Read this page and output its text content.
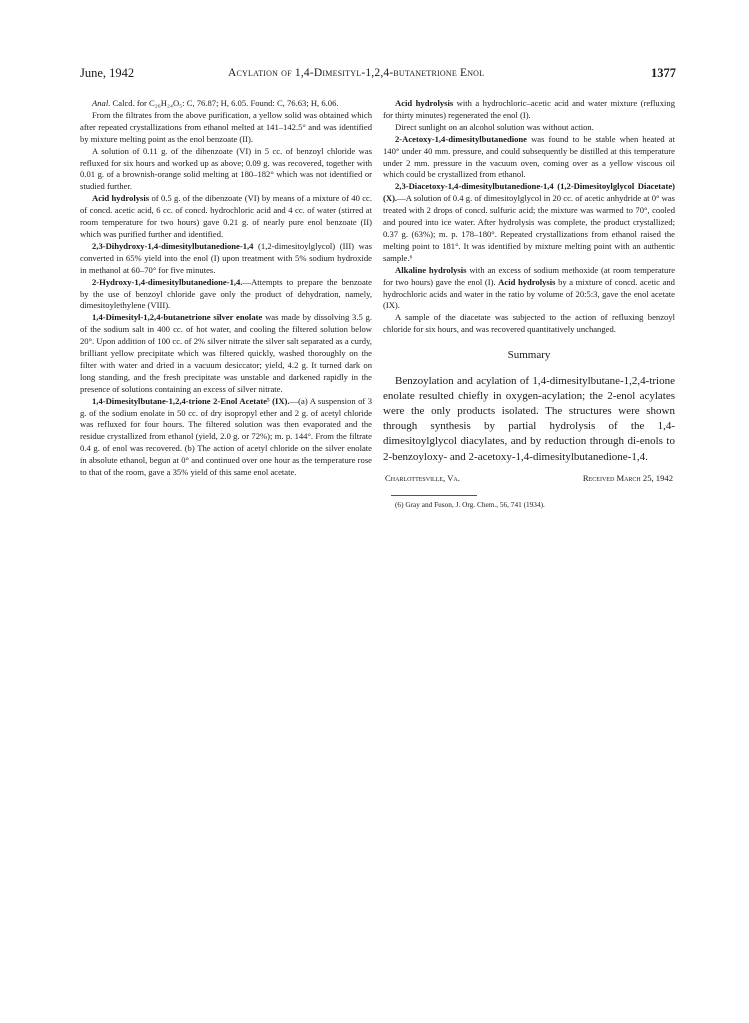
June, 1942	Acylation of 1,4-Dimesityl-1,2,4-butanetrione Enol	1377

Anal. Calcd. for C₂₆H₂₄O₅: C, 76.87; H, 6.05. Found: C, 76.63; H, 6.06.

From the filtrates from the above purification, a yellow solid was obtained which after repeated crystallizations from ethanol melted at 141–142.5° and was identified by mixture melting point as the enol benzoate (II).

A solution of 0.11 g. of the dibenzoate (VI) in 5 cc. of benzoyl chloride was refluxed for six hours and worked up as above; 0.09 g. was recovered, together with 0.01 g. of a brownish-orange solid melting at 180–182° which was not identified or studied further.

Acid hydrolysis of 0.5 g. of the dibenzoate (VI) by means of a mixture of 40 cc. of concd. acetic acid, 6 cc. of concd. hydrochloric acid and 4 cc. of water (stirred at room temperature for two hours) gave 0.21 g. of nearly pure enol benzoate (II) which was purified further and identified.

2,3-Dihydroxy-1,4-dimesitylbutanedione-1,4 (1,2-dimesitoylglycol) (III) was converted in 65% yield into the enol (I) upon treatment with 5% sodium hydroxide in methanol at 60–70° for five minutes.

2-Hydroxy-1,4-dimesitylbutanedione-1,4.—Attempts to prepare the benzoate by the use of benzoyl chloride gave only the product of dehydration, namely, dimesitoylethylene (VIII).

1,4-Dimesityl-1,2,4-butanetrione silver enolate was made by dissolving 3.5 g. of the sodium salt in 400 cc. of hot water, and cooling the filtered solution below 20°. Upon addition of 100 cc. of 2% silver nitrate the silver salt separated as a curdy, brilliant yellow precipitate which was filtered quickly, washed thoroughly on the filter with water and dried in a vacuum desiccator; yield, 4.2 g. It turned dark on long standing, and the fresh precipitate was unstable and darkened rapidly in the presence of solutions containing an excess of silver nitrate.

1,4-Dimesitylbutane-1,2,4-trione 2-Enol Acetate⁵ (IX).—(a) A suspension of 3 g. of the sodium enolate in 50 cc. of dry isopropyl ether and 2 g. of acetyl chloride was refluxed for four hours. The filtered solution was then evaporated and the residue crystallized from ethanol (yield, 2.0 g. or 72%); m. p. 144°. From the filtrate 0.4 g. of enol was recovered. (b) The action of acetyl chloride on the silver enolate in absolute ethanol, begun at 0° and continued over one hour as the temperature rose to that of the room, gave a 35% yield of this same enol acetate.

Acid hydrolysis with a hydrochloric–acetic acid and water mixture (refluxing for thirty minutes) regenerated the enol (I).

Direct sunlight on an alcohol solution was without action.

2-Acetoxy-1,4-dimesitylbutanedione was found to be stable when heated at 140° under 40 mm. pressure, and could subsequently be distilled at this temperature under 2 mm. pressure in the vacuum oven, coming over as a yellow viscous oil which could be crystallized from ethanol.

2,3-Diacetoxy-1,4-dimesitylbutanedione-1,4 (1,2-Dimesitoylglycol Diacetate) (X).—A solution of 0.4 g. of dimesitoylglycol in 20 cc. of acetic anhydride at 0° was treated with 2 drops of concd. sulfuric acid; the mixture was warmed to 70°, cooled and poured into ice water. After hydrolysis was complete, the product crystallized; 0.37 g. (63%); m. p. 178–180°. Repeated crystallizations from ethanol raised the melting point to 181°. It was identified by mixture melting point with an authentic sample.⁶

Alkaline hydrolysis with an excess of sodium methoxide (at room temperature for two hours) gave the enol (I). Acid hydrolysis by a mixture of concd. acetic and hydrochloric acids and water in the ratio by volume of 20:5:3, gave the enol acetate (IX).

A sample of the diacetate was subjected to the action of refluxing benzoyl chloride for six hours, and was recovered quantitatively unchanged.

Summary

Benzoylation and acylation of 1,4-dimesitylbutane-1,2,4-trione enolate resulted chiefly in oxygen-acylation; the 2-enol acylates were the only products isolated. The structures were shown through synthesis by partial hydrolysis of the 1,4-dimesitoylglycol diacylates, and by reduction through di-enols to 2-benzoyloxy- and 2-acetoxy-1,4-dimesitylbutanedione-1,4.

Charlottesville, Va.	Received March 25, 1942

(6) Gray and Fuson, J. Org. Chem., 56, 741 (1934).
